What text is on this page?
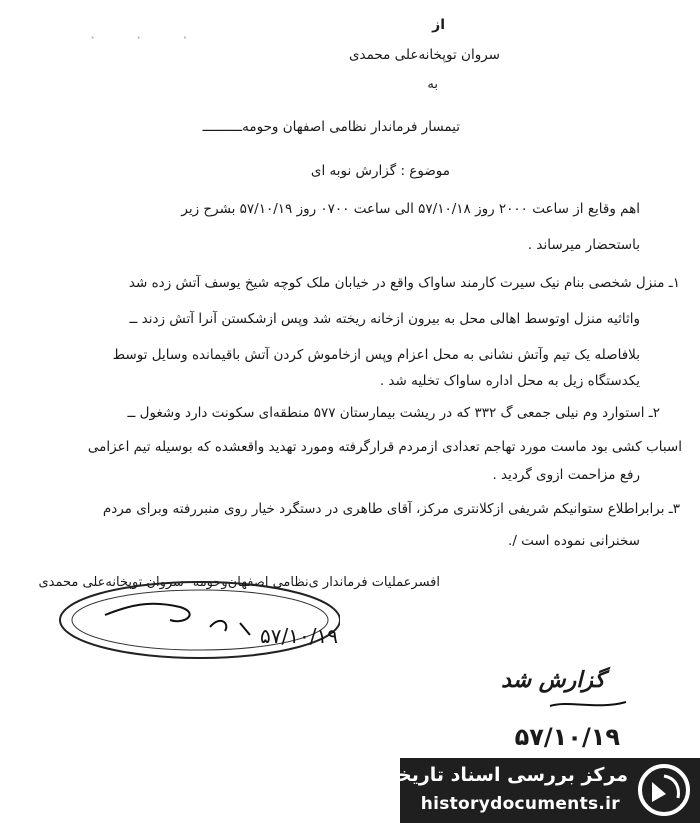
· · ·
از
سروان توپخانه‌علی محمدی
به
تیمسار فرماندار نظامی اصفهان وحومه‌ــــــــــ
موضوع : گزارش نوبه ای
اهم وقایع از ساعت ۲۰۰۰ روز ۵۷/۱۰/۱۸ الی ساعت ۰۷۰۰ روز ۵۷/۱۰/۱۹ بشرح زیر
باستحضار میرساند .
۱ـ منزل شخصی بنام نیک سیرت کارمند ساواک واقع در خیابان ملک کوچه شیخ یوسف آتش زده شد
واثاثیه منزل اوتوسط اهالی محل به بیرون ازخانه ریخته شد وپس ازشکستن آنرا آتش زدند ــ
بلافاصله یک تیم وآتش نشانی به محل اعزام وپس ازخاموش کردن آتش باقیمانده وسایل توسط
یکدستگاه زیل به محل اداره ساواک تخلیه شد .
۲ـ استوارد وم نیلی جمعی گ ۳۳۲ که در ریشت بیمارستان ۵۷۷ منطقه‌ای سکونت دارد وشغول ــ
اسباب کشی بود ماست مورد تهاجم تعدادی ازمردم قرارگرفته ومورد تهدید واقعشده که بوسیله تیم اعزامی
رفع مزاحمت ازوی گردید .
۳ـ برابراطلاع ستوانیکم شریفی ازکلانتری مرکز، آقای طاهری در دستگرد خیار روی منبررفته وبرای مردم
سخنرانی نموده است /.
افسرعملیات فرماندار ی‌نظامی اصفهان‌وحومه -سروان توپخانه‌علی محمدی
۵۷/۱۰/۱۹
گزارش شد
۵۷/۱۰/۱۹
مرکز بررسی اسناد تاریخی
historydocuments.ir
